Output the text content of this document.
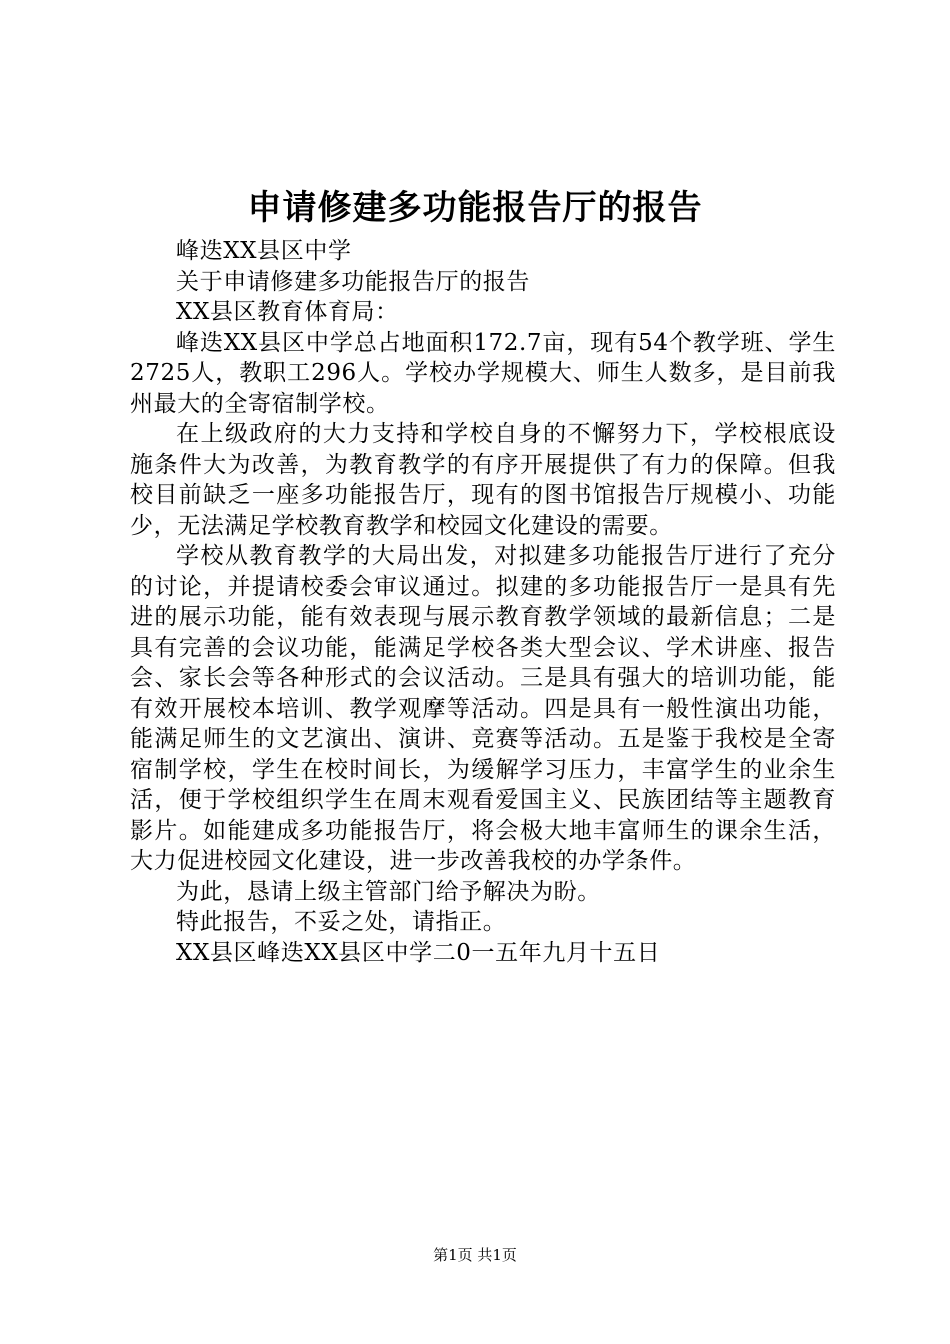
申请修建多功能报告厅的报告

峰迭XX县区中学

关于申请修建多功能报告厅的报告

XX县区教育体育局：

峰迭XX县区中学总占地面积172.7亩，现有54个教学班、学生2725人，教职工296人。学校办学规模大、师生人数多，是目前我州最大的全寄宿制学校。

在上级政府的大力支持和学校自身的不懈努力下，学校根底设施条件大为改善，为教育教学的有序开展提供了有力的保障。但我校目前缺乏一座多功能报告厅，现有的图书馆报告厅规模小、功能少，无法满足学校教育教学和校园文化建设的需要。

学校从教育教学的大局出发，对拟建多功能报告厅进行了充分的讨论，并提请校委会审议通过。拟建的多功能报告厅一是具有先进的展示功能，能有效表现与展示教育教学领域的最新信息；二是具有完善的会议功能，能满足学校各类大型会议、学术讲座、报告会、家长会等各种形式的会议活动。三是具有强大的培训功能，能有效开展校本培训、教学观摩等活动。四是具有一般性演出功能，能满足师生的文艺演出、演讲、竞赛等活动。五是鉴于我校是全寄宿制学校，学生在校时间长，为缓解学习压力，丰富学生的业余生活，便于学校组织学生在周末观看爱国主义、民族团结等主题教育影片。如能建成多功能报告厅，将会极大地丰富师生的课余生活，大力促进校园文化建设，进一步改善我校的办学条件。

为此，恳请上级主管部门给予解决为盼。

特此报告，不妥之处，请指正。

XX县区峰迭XX县区中学二0一五年九月十五日

第1页 共1页
